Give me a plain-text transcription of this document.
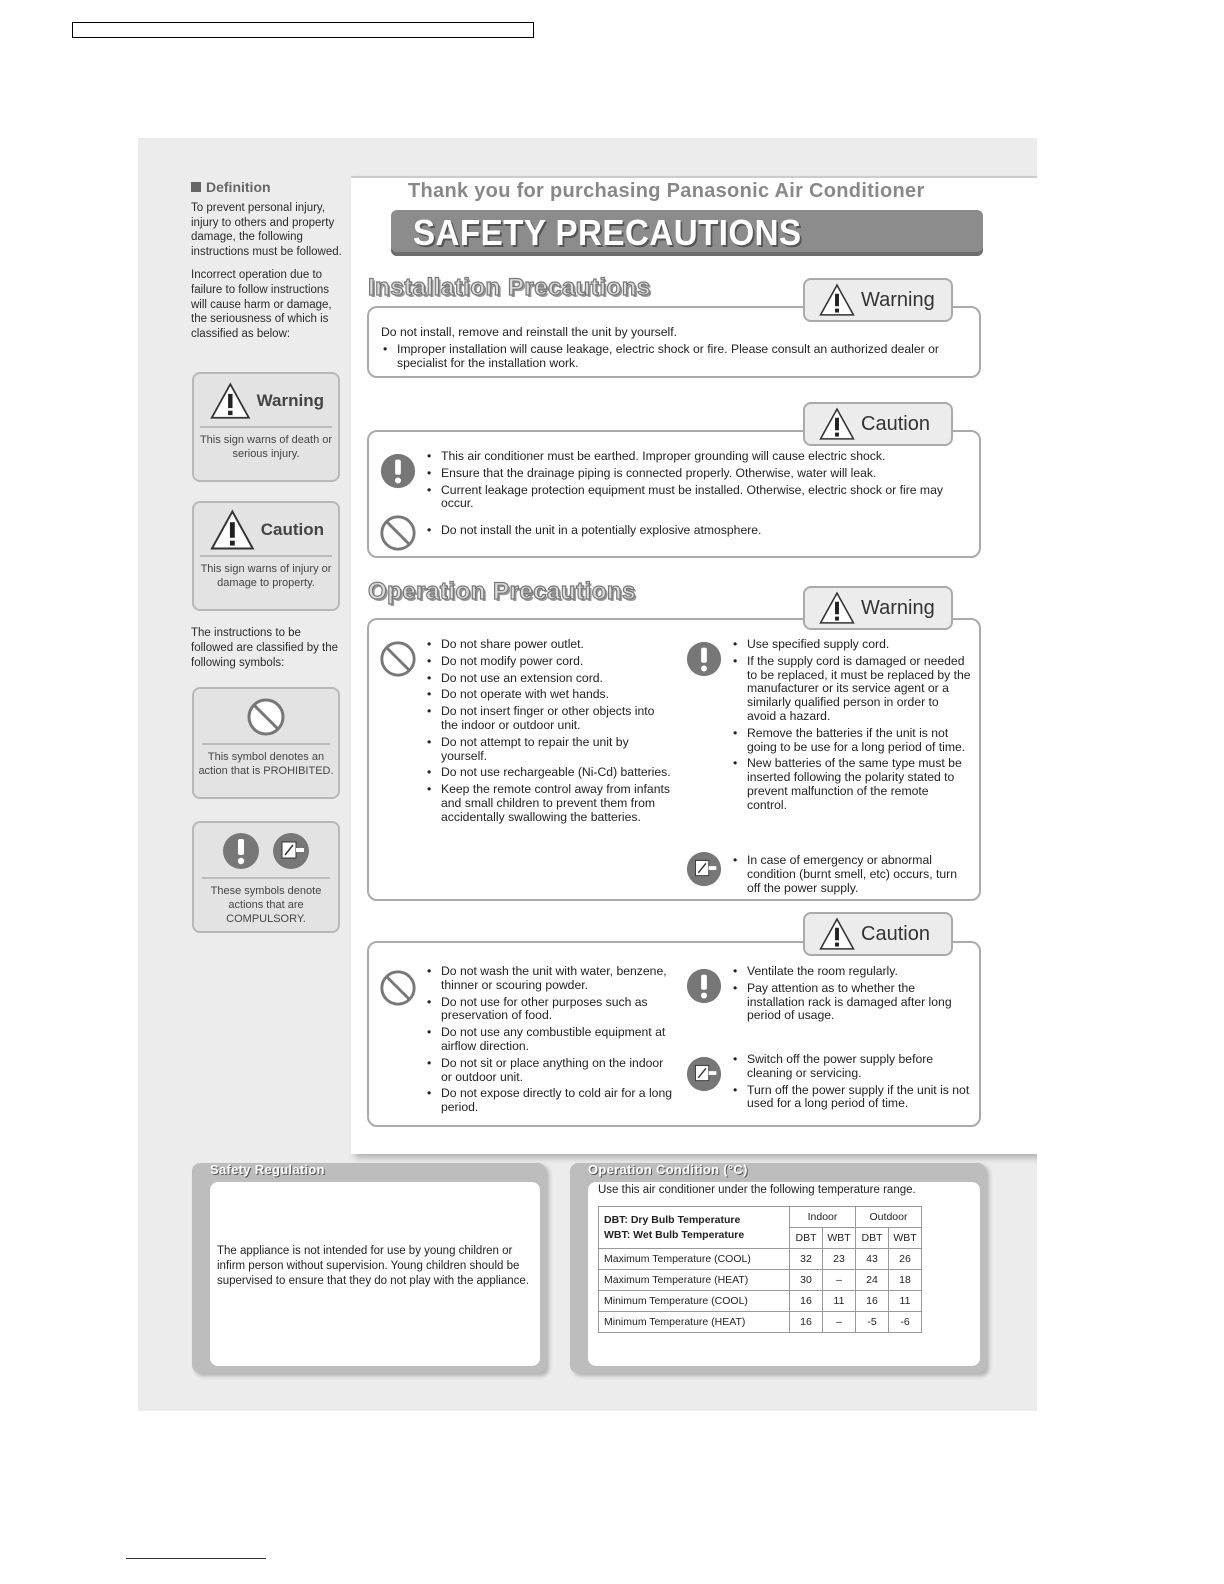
Definition

To prevent personal injury, injury to others and property damage, the following instructions must be followed.

Incorrect operation due to failure to follow instructions will cause harm or damage, the seriousness of which is classified as below:

Warning
This sign warns of death or serious injury.
Caution
This sign warns of injury or damage to property.

The instructions to be followed are classified by the following symbols:

This symbol denotes an action that is PROHIBITED.
These symbols denote actions that are COMPULSORY.
Thank you for purchasing Panasonic Air Conditioner
SAFETY PRECAUTIONS
Installation Precautions	Warning
Do not install, remove and reinstall the unit by yourself.
• Improper installation will cause leakage, electric shock or fire. Please consult an authorized dealer or specialist for the installation work.
Caution
• This air conditioner must be earthed. Improper grounding will cause electric shock.
• Ensure that the drainage piping is connected properly. Otherwise, water will leak.
• Current leakage protection equipment must be installed. Otherwise, electric shock or fire may occur.
• Do not install the unit in a potentially explosive atmosphere.
Operation Precautions
Warning
• Do not share power outlet.
• Do not modify power cord.
• Do not use an extension cord.
• Do not operate with wet hands.
• Do not insert finger or other objects into the indoor or outdoor unit.
• Do not attempt to repair the unit by yourself.
• Do not use rechargeable (Ni-Cd) batteries.
• Keep the remote control away from infants and small children to prevent them from accidentally swallowing the batteries.
• Use specified supply cord.
• If the supply cord is damaged or needed to be replaced, it must be replaced by the manufacturer or its service agent or a similarly qualified person in order to avoid a hazard.
• Remove the batteries if the unit is not going to be use for a long period of time.
• New batteries of the same type must be inserted following the polarity stated to prevent malfunction of the remote control.
• In case of emergency or abnormal condition (burnt smell, etc) occurs, turn off the power supply.
Caution
• Do not wash the unit with water, benzene, thinner or scouring powder.
• Do not use for other purposes such as preservation of food.
• Do not use any combustible equipment at airflow direction.
• Do not sit or place anything on the indoor or outdoor unit.
• Do not expose directly to cold air for a long period.
• Ventilate the room regularly.
• Pay attention as to whether the installation rack is damaged after long period of usage.
• Switch off the power supply before cleaning or servicing.
• Turn off the power supply if the unit is not used for a long period of time.
Safety Regulation
The appliance is not intended for use by young children or infirm person without supervision. Young children should be supervised to ensure that they do not play with the appliance.
Operation Condition (°C)
Use this air conditioner under the following temperature range.
DBT: Dry Bulb Temperature
WBT: Wet Bulb Temperature	Indoor		Outdoor	
	DBT	WBT	DBT	WBT
Maximum Temperature (COOL)	32	23	43	26
Maximum Temperature (HEAT)	30	–	24	18
Minimum Temperature (COOL)	16	11	16	11
Minimum Temperature (HEAT)	16	–	-5	-6
